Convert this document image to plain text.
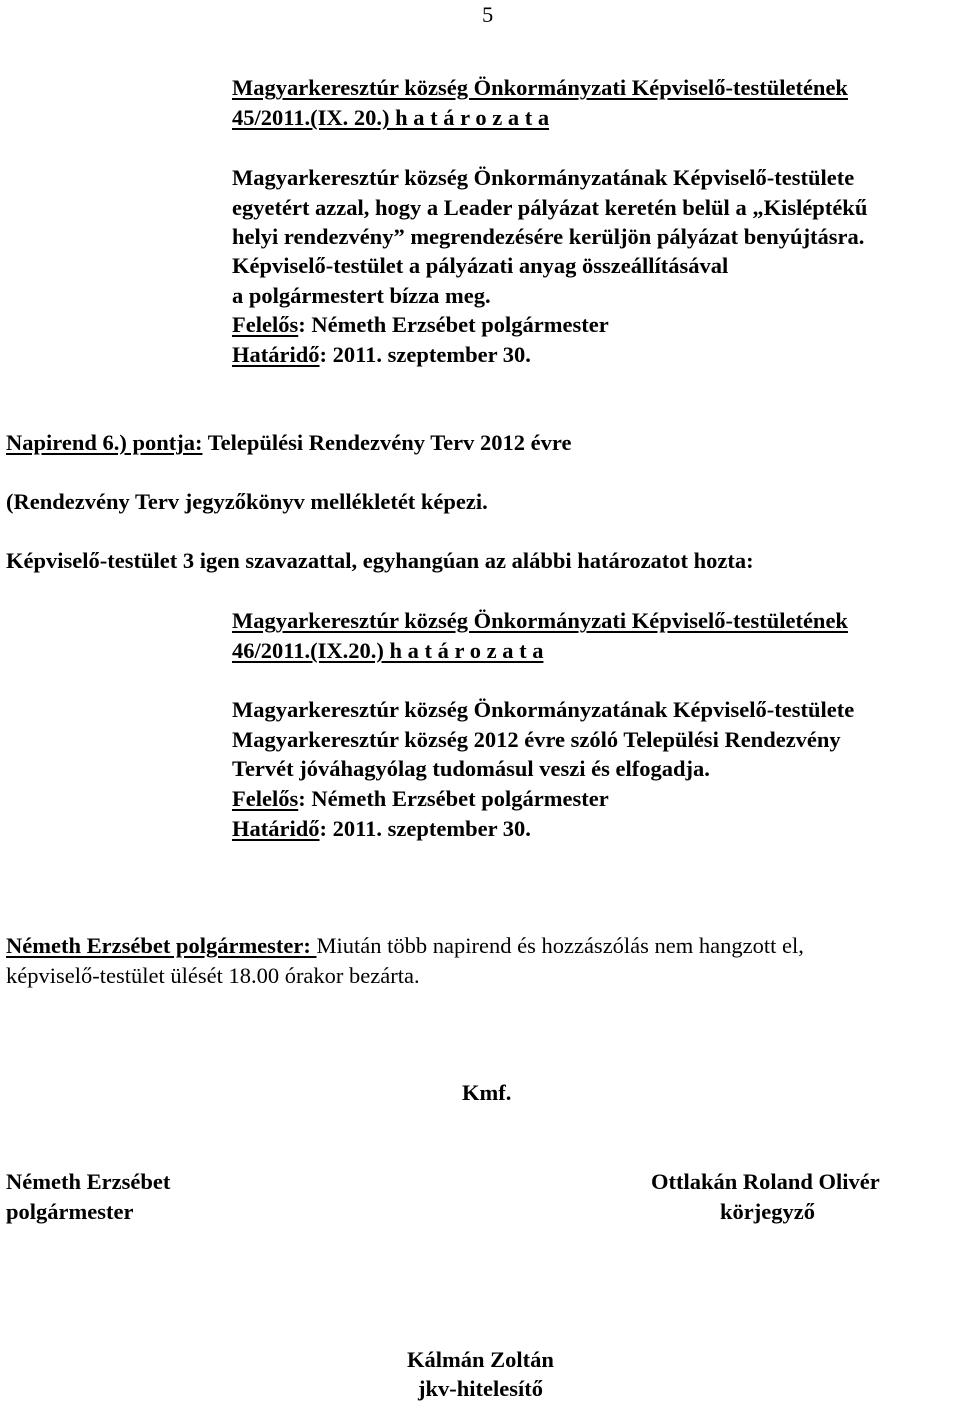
5
Magyarkeresztúr község Önkormányzati Képviselő-testületének
45/2011.(IX. 20.) h a t á r o z a t a
Magyarkeresztúr község Önkormányzatának Képviselő-testülete
egyetért azzal, hogy a Leader pályázat keretén belül a „Kisléptékű
helyi rendezvény” megrendezésére kerüljön pályázat benyújtásra.
Képviselő-testület a pályázati anyag összeállításával
a polgármestert bízza meg.
Felelős: Németh Erzsébet polgármester
Határidő: 2011. szeptember 30.
Napirend 6.) pontja: Települési Rendezvény Terv 2012 évre
(Rendezvény Terv jegyzőkönyv mellékletét képezi.
Képviselő-testület 3 igen szavazattal, egyhangúan az alábbi határozatot hozta:
Magyarkeresztúr község Önkormányzati Képviselő-testületének
46/2011.(IX.20.) h a t á r o z a t a
Magyarkeresztúr község Önkormányzatának Képviselő-testülete
Magyarkeresztúr község 2012 évre szóló Települési Rendezvény
Tervét jóváhagyólag tudomásul veszi és elfogadja.
Felelős: Németh Erzsébet polgármester
Határidő: 2011. szeptember 30.
Németh Erzsébet polgármester: Miután több napirend és hozzászólás nem hangzott el,
képviselő-testület ülését 18.00 órakor bezárta.
Kmf.
Németh Erzsébet
polgármester
Ottlakán Roland Olivér
körjegyző
Kálmán Zoltán
jkv-hitelesítő
